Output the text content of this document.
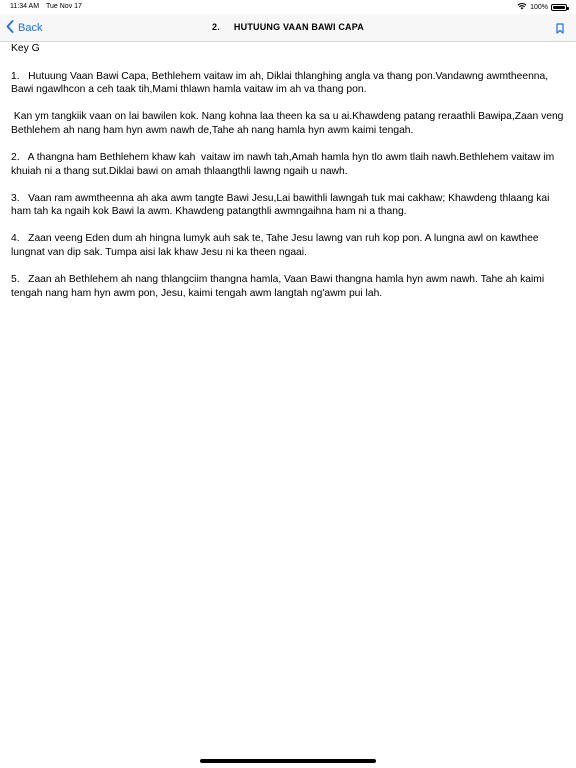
11:34 AM Tue Nov 17	100%
Back	2. HUTUUNG VAAN BAWI CAPA
Key G
1.   Hutuung Vaan Bawi Capa, Bethlehem vaitaw im ah, Diklai thlanghing angla va thang pon.Vandawng awmtheenna, Bawi ngawlhcon a ceh taak tih,Mami thlawn hamla vaitaw im ah va thang pon.
Kan ym tangkiik vaan on lai bawilen kok. Nang kohna laa theen ka sa u ai.Khawdeng patang reraathli Bawipa,Zaan veng Bethlehem ah nang ham hyn awm nawh de,Tahe ah nang hamla hyn awm kaimi tengah.
2.   A thangna ham Bethlehem khaw kah  vaitaw im nawh tah,Amah hamla hyn tlo awm tlaih nawh.Bethlehem vaitaw im khuiah ni a thang sut.Diklai bawi on amah thlaangthli lawng ngaih u nawh.
3.   Vaan ram awmtheenna ah aka awm tangte Bawi Jesu,Lai bawithli lawngah tuk mai cakhaw; Khawdeng thlaang kai ham tah ka ngaih kok Bawi la awm. Khawdeng patangthli awmngaihna ham ni a thang.
4.   Zaan veeng Eden dum ah hingna lumyk auh sak te, Tahe Jesu lawng van ruh kop pon. A lungna awl on kawthee lungnat van dip sak. Tumpa aisi lak khaw Jesu ni ka theen ngaai.
5.   Zaan ah Bethlehem ah nang thlangciim thangna hamla, Vaan Bawi thangna hamla hyn awm nawh. Tahe ah kaimi tengah nang ham hyn awm pon, Jesu, kaimi tengah awm langtah ng'awm pui lah.
